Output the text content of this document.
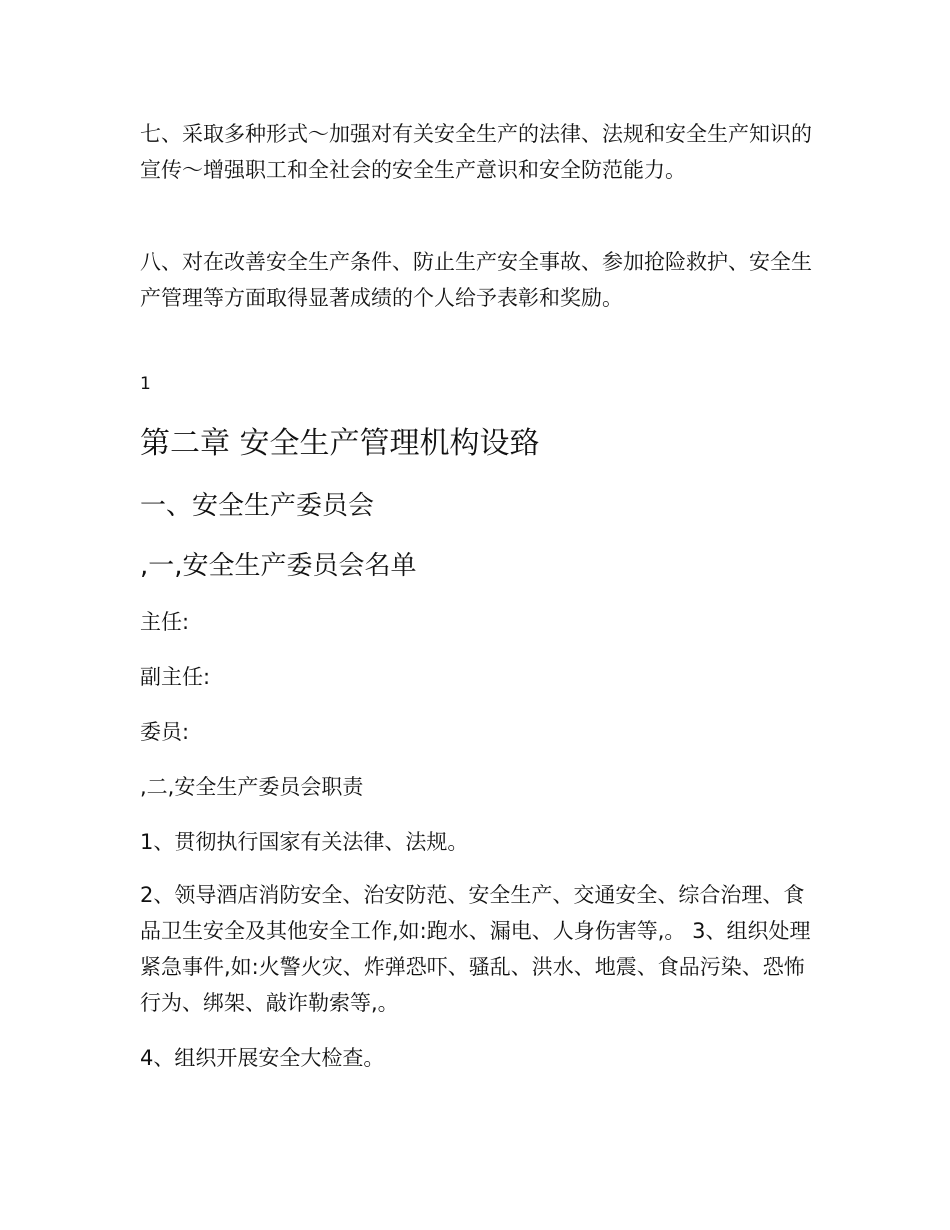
七、采取多种形式～加强对有关安全生产的法律、法规和安全生产知识的宣传～增强职工和全社会的安全生产意识和安全防范能力。

八、对在改善安全生产条件、防止生产安全事故、参加抢险救护、安全生产管理等方面取得显著成绩的个人给予表彰和奖励。

1
第二章 安全生产管理机构设臵
一、安全生产委员会
,一,安全生产委员会名单

主任:

副主任:

委员:

,二,安全生产委员会职责

1、贯彻执行国家有关法律、法规。

2、领导酒店消防安全、治安防范、安全生产、交通安全、综合治理、食品卫生安全及其他安全工作,如:跑水、漏电、人身伤害等,。 3、组织处理紧急事件,如:火警火灾、炸弹恐吓、骚乱、洪水、地震、食品污染、恐怖行为、绑架、敲诈勒索等,。

4、组织开展安全大检查。
